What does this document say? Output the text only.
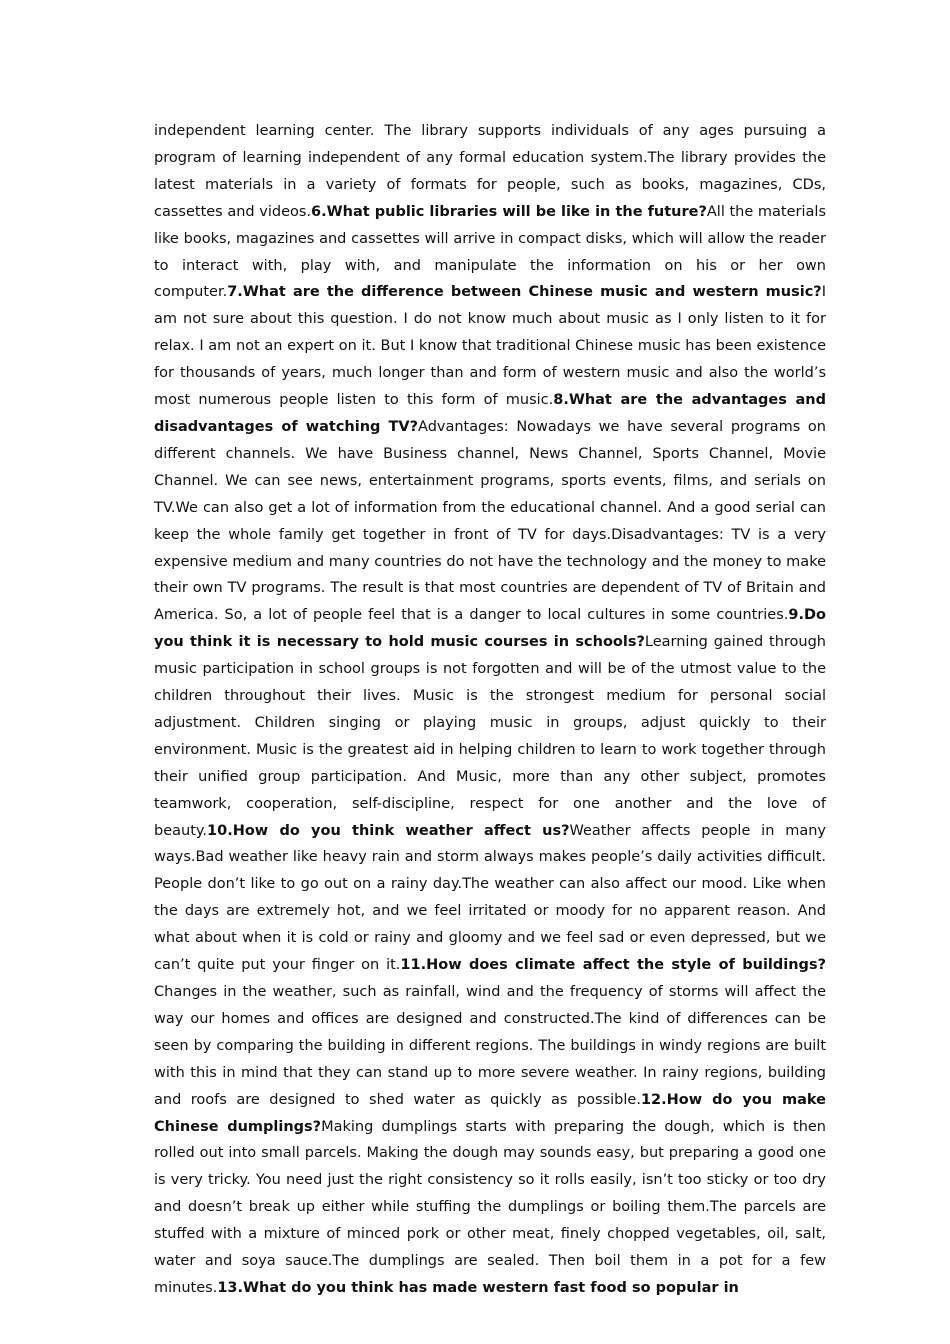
independent learning center. The library supports individuals of any ages pursuing a program of learning independent of any formal education system.The library provides the latest materials in a variety of formats for people, such as books, magazines, CDs, cassettes and videos.6.What public libraries will be like in the future?All the materials like books, magazines and cassettes will arrive in compact disks, which will allow the reader to interact with, play with, and manipulate the information on his or her own computer.7.What are the difference between Chinese music and western music?I am not sure about this question. I do not know much about music as I only listen to it for relax. I am not an expert on it. But I know that traditional Chinese music has been existence for thousands of years, much longer than and form of western music and also the world’s most numerous people listen to this form of music.8.What are the advantages and disadvantages of watching TV?Advantages: Nowadays we have several programs on different channels. We have Business channel, News Channel, Sports Channel, Movie Channel. We can see news, entertainment programs, sports events, films, and serials on TV.We can also get a lot of information from the educational channel. And a good serial can keep the whole family get together in front of TV for days.Disadvantages: TV is a very expensive medium and many countries do not have the technology and the money to make their own TV programs. The result is that most countries are dependent of TV of Britain and America. So, a lot of people feel that is a danger to local cultures in some countries.9.Do you think it is necessary to hold music courses in schools?Learning gained through music participation in school groups is not forgotten and will be of the utmost value to the children throughout their lives. Music is the strongest medium for personal social adjustment. Children singing or playing music in groups, adjust quickly to their environment. Music is the greatest aid in helping children to learn to work together through their unified group participation. And Music, more than any other subject, promotes teamwork, cooperation, self-discipline, respect for one another and the love of beauty.10.How do you think weather affect us?Weather affects people in many ways.Bad weather like heavy rain and storm always makes people’s daily activities difficult. People don’t like to go out on a rainy day.The weather can also affect our mood. Like when the days are extremely hot, and we feel irritated or moody for no apparent reason. And what about when it is cold or rainy and gloomy and we feel sad or even depressed, but we can’t quite put your finger on it.11.How does climate affect the style of buildings?Changes in the weather, such as rainfall, wind and the frequency of storms will affect the way our homes and offices are designed and constructed.The kind of differences can be seen by comparing the building in different regions. The buildings in windy regions are built with this in mind that they can stand up to more severe weather. In rainy regions, building and roofs are designed to shed water as quickly as possible.12.How do you make Chinese dumplings?Making dumplings starts with preparing the dough, which is then rolled out into small parcels. Making the dough may sounds easy, but preparing a good one is very tricky. You need just the right consistency so it rolls easily, isn’t too sticky or too dry and doesn’t break up either while stuffing the dumplings or boiling them.The parcels are stuffed with a mixture of minced pork or other meat, finely chopped vegetables, oil, salt, water and soya sauce.The dumplings are sealed. Then boil them in a pot for a few minutes.13.What do you think has made western fast food so popular in
